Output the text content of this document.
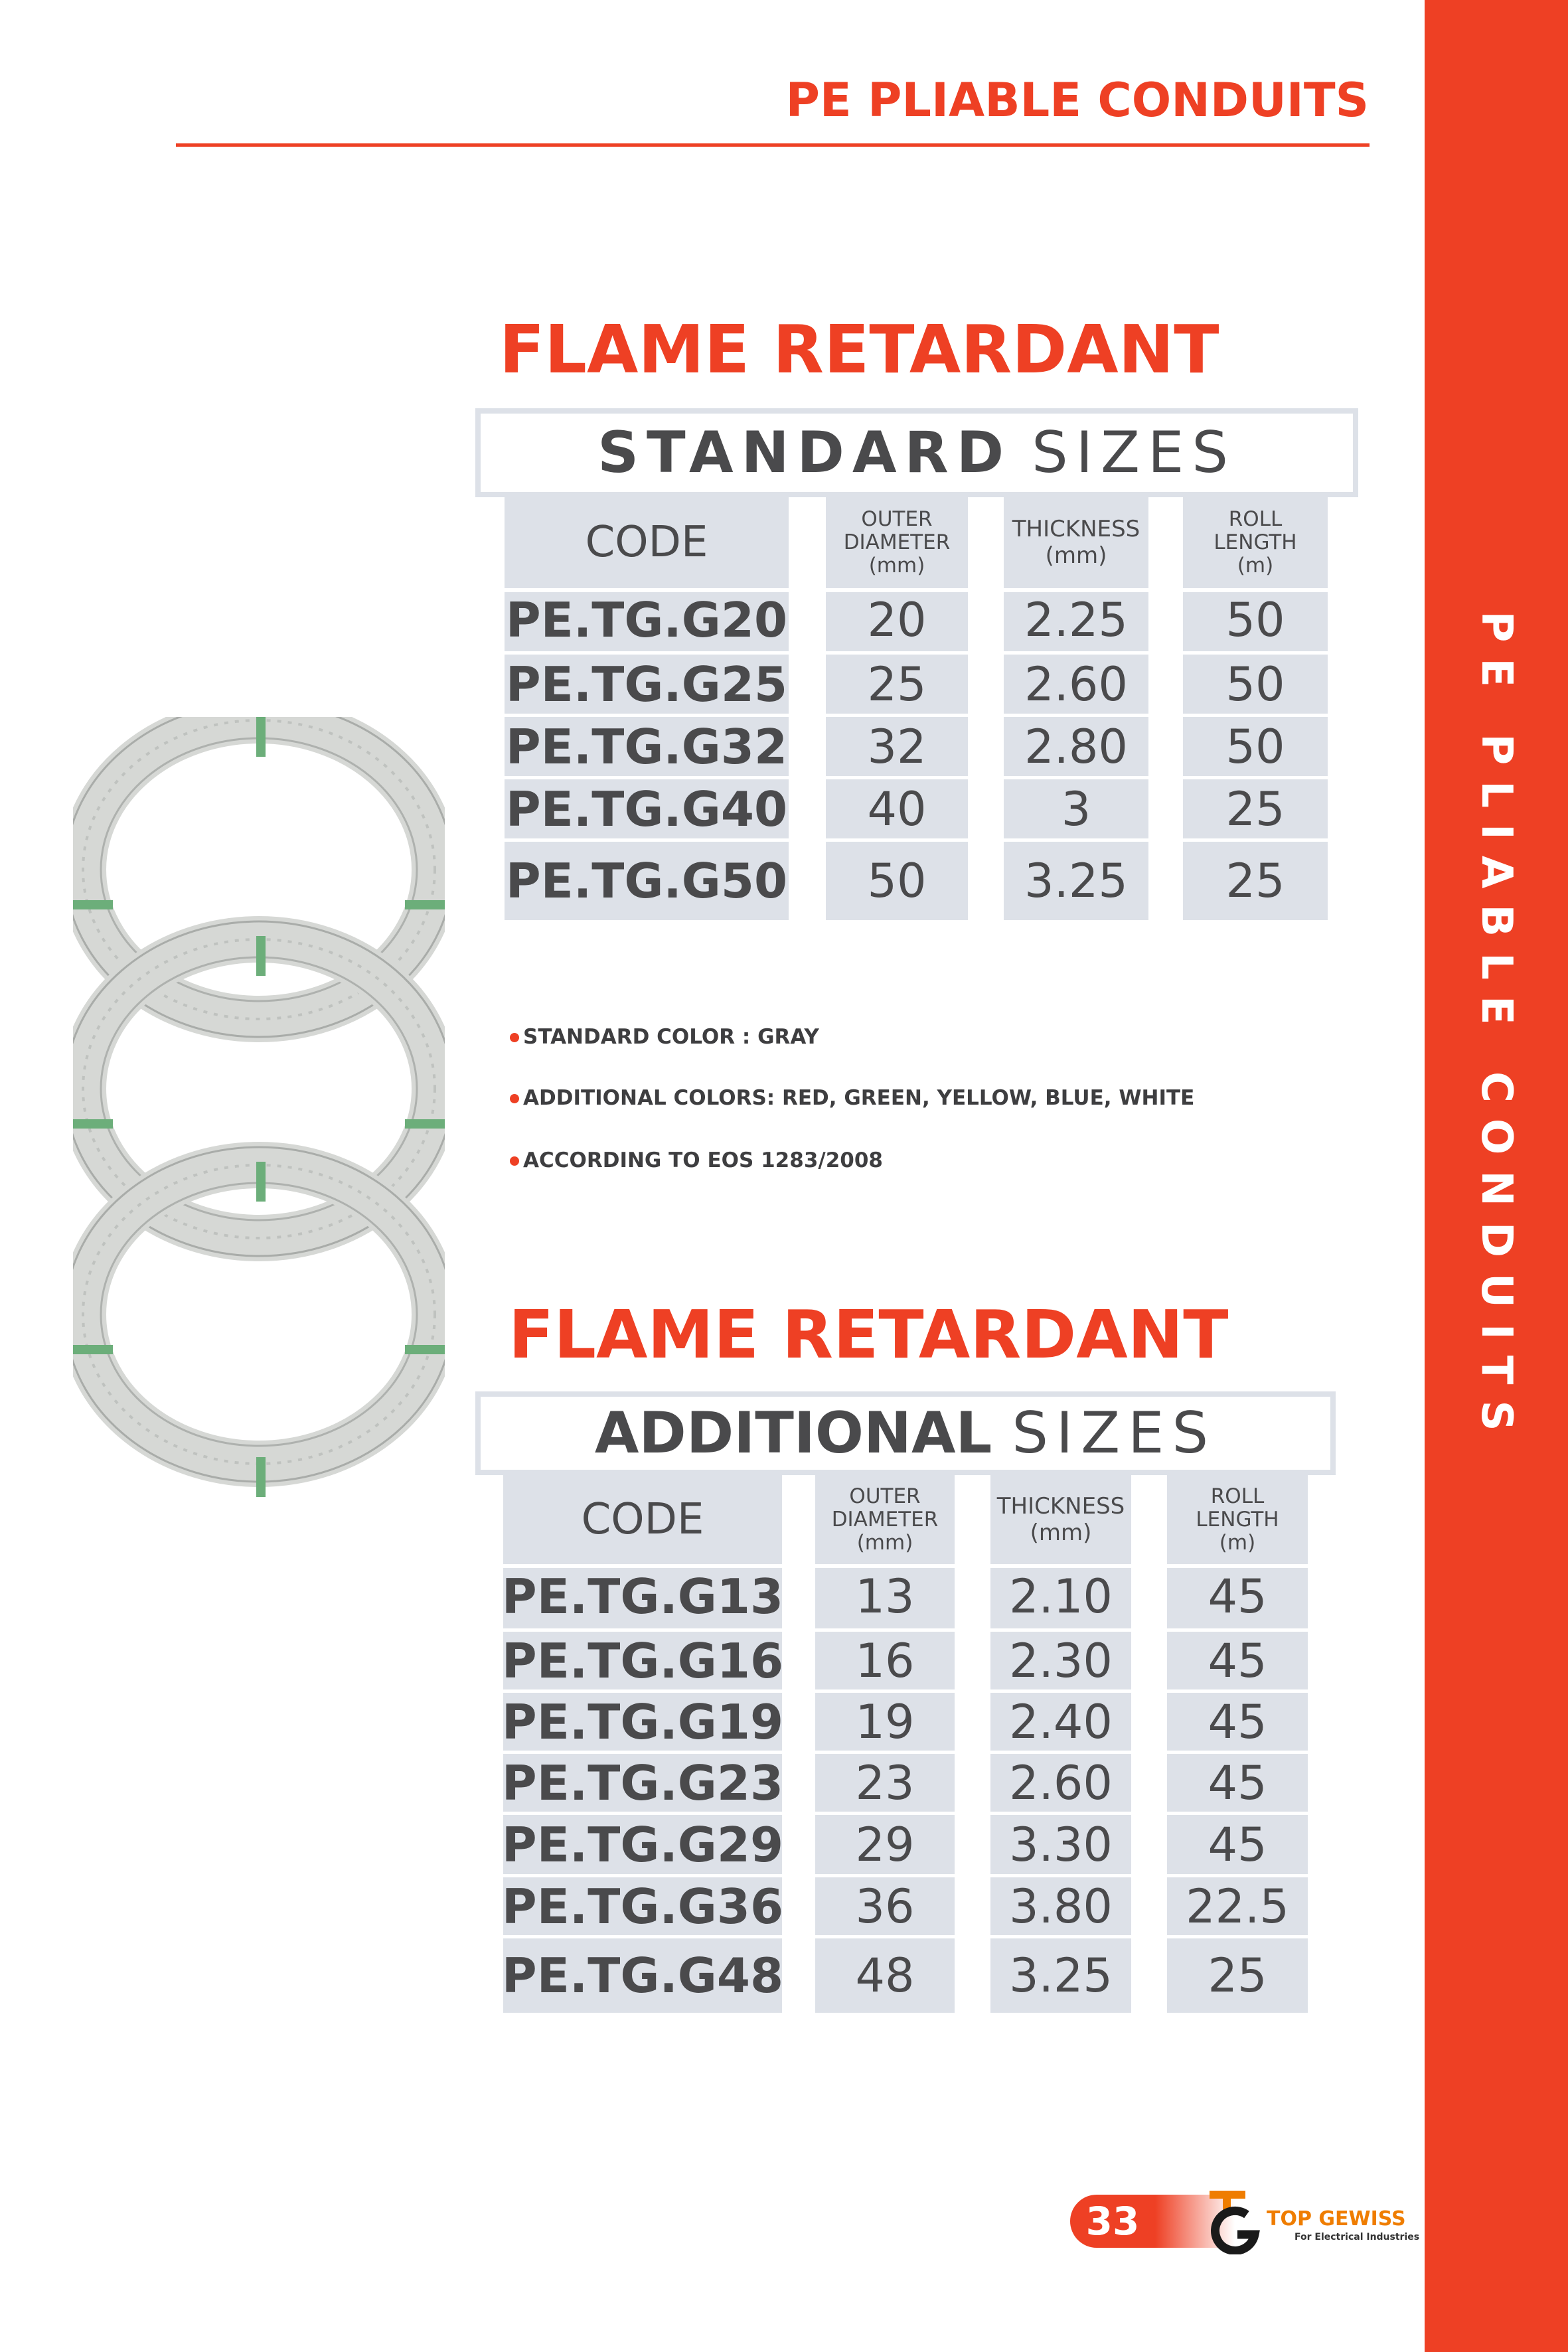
PE PLIABLE CONDUITS
PE PLIABLE CONDUITS
FLAME RETARDANT
STANDARD SIZES
CODE
PE.TG.G20
PE.TG.G25
PE.TG.G32
PE.TG.G40
PE.TG.G50
OUTER
DIAMETER
(mm)
20
25
32
40
50
THICKNESS
(mm)
2.25
2.60
2.80
3
3.25
ROLL
LENGTH
(m)
50
50
50
25
25
STANDARD COLOR : GRAY
ADDITIONAL COLORS: RED, GREEN, YELLOW, BLUE, WHITE
ACCORDING TO EOS 1283/2008
FLAME RETARDANT
ADDITIONAL SIZES
CODE
PE.TG.G13
PE.TG.G16
PE.TG.G19
PE.TG.G23
PE.TG.G29
PE.TG.G36
PE.TG.G48
OUTER
DIAMETER
(mm)
13
16
19
23
29
36
48
THICKNESS
(mm)
2.10
2.30
2.40
2.60
3.30
3.80
3.25
ROLL
LENGTH
(m)
45
45
45
45
45
22.5
25
33	TOP GEWISS
For Electrical Industries
